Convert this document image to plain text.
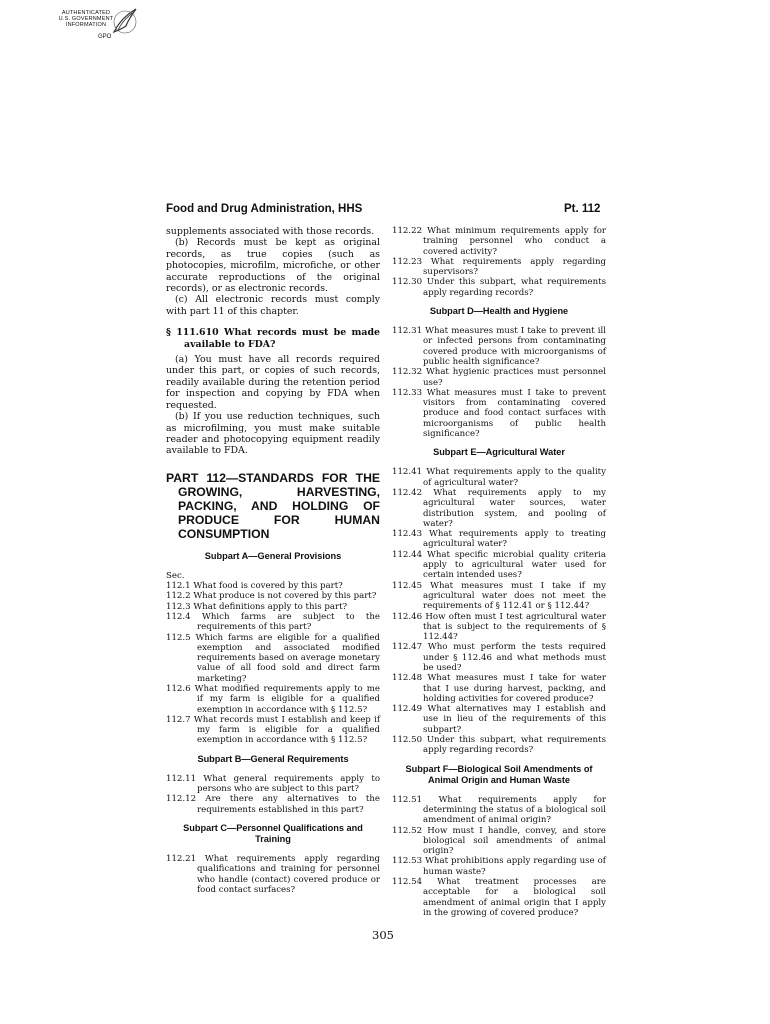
AUTHENTICATED
U.S. GOVERNMENT
INFORMATION
GPO
Food and Drug Administration, HHS	Pt. 112

supplements associated with those records.

(b) Records must be kept as original records, as true copies (such as photocopies, microfilm, microfiche, or other accurate reproductions of the original records), or as electronic records.

(c) All electronic records must comply with part 11 of this chapter.

§ 111.610 What records must be made available to FDA?

(a) You must have all records required under this part, or copies of such records, readily available during the retention period for inspection and copying by FDA when requested.

(b) If you use reduction techniques, such as microfilming, you must make suitable reader and photocopying equipment readily available to FDA.

PART 112—STANDARDS FOR THE GROWING, HARVESTING, PACKING, AND HOLDING OF PRODUCE FOR HUMAN CONSUMPTION
Subpart A—General Provisions

Sec.

112.1 What food is covered by this part?

112.2 What produce is not covered by this part?

112.3 What definitions apply to this part?

112.4 Which farms are subject to the requirements of this part?

112.5 Which farms are eligible for a qualified exemption and associated modified requirements based on average monetary value of all food sold and direct farm marketing?

112.6 What modified requirements apply to me if my farm is eligible for a qualified exemption in accordance with § 112.5?

112.7 What records must I establish and keep if my farm is eligible for a qualified exemption in accordance with § 112.5?

Subpart B—General Requirements

112.11 What general requirements apply to persons who are subject to this part?

112.12 Are there any alternatives to the requirements established in this part?

Subpart C—Personnel Qualifications and Training

112.21 What requirements apply regarding qualifications and training for personnel who handle (contact) covered produce or food contact surfaces?

112.22 What minimum requirements apply for training personnel who conduct a covered activity?

112.23 What requirements apply regarding supervisors?

112.30 Under this subpart, what requirements apply regarding records?

Subpart D—Health and Hygiene

112.31 What measures must I take to prevent ill or infected persons from contaminating covered produce with microorganisms of public health significance?

112.32 What hygienic practices must personnel use?

112.33 What measures must I take to prevent visitors from contaminating covered produce and food contact surfaces with microorganisms of public health significance?

Subpart E—Agricultural Water

112.41 What requirements apply to the quality of agricultural water?

112.42 What requirements apply to my agricultural water sources, water distribution system, and pooling of water?

112.43 What requirements apply to treating agricultural water?

112.44 What specific microbial quality criteria apply to agricultural water used for certain intended uses?

112.45 What measures must I take if my agricultural water does not meet the requirements of § 112.41 or § 112.44?

112.46 How often must I test agricultural water that is subject to the requirements of § 112.44?

112.47 Who must perform the tests required under § 112.46 and what methods must be used?

112.48 What measures must I take for water that I use during harvest, packing, and holding activities for covered produce?

112.49 What alternatives may I establish and use in lieu of the requirements of this subpart?

112.50 Under this subpart, what requirements apply regarding records?

Subpart F—Biological Soil Amendments of Animal Origin and Human Waste

112.51 What requirements apply for determining the status of a biological soil amendment of animal origin?

112.52 How must I handle, convey, and store biological soil amendments of animal origin?

112.53 What prohibitions apply regarding use of human waste?

112.54 What treatment processes are acceptable for a biological soil amendment of animal origin that I apply in the growing of covered produce?

305
